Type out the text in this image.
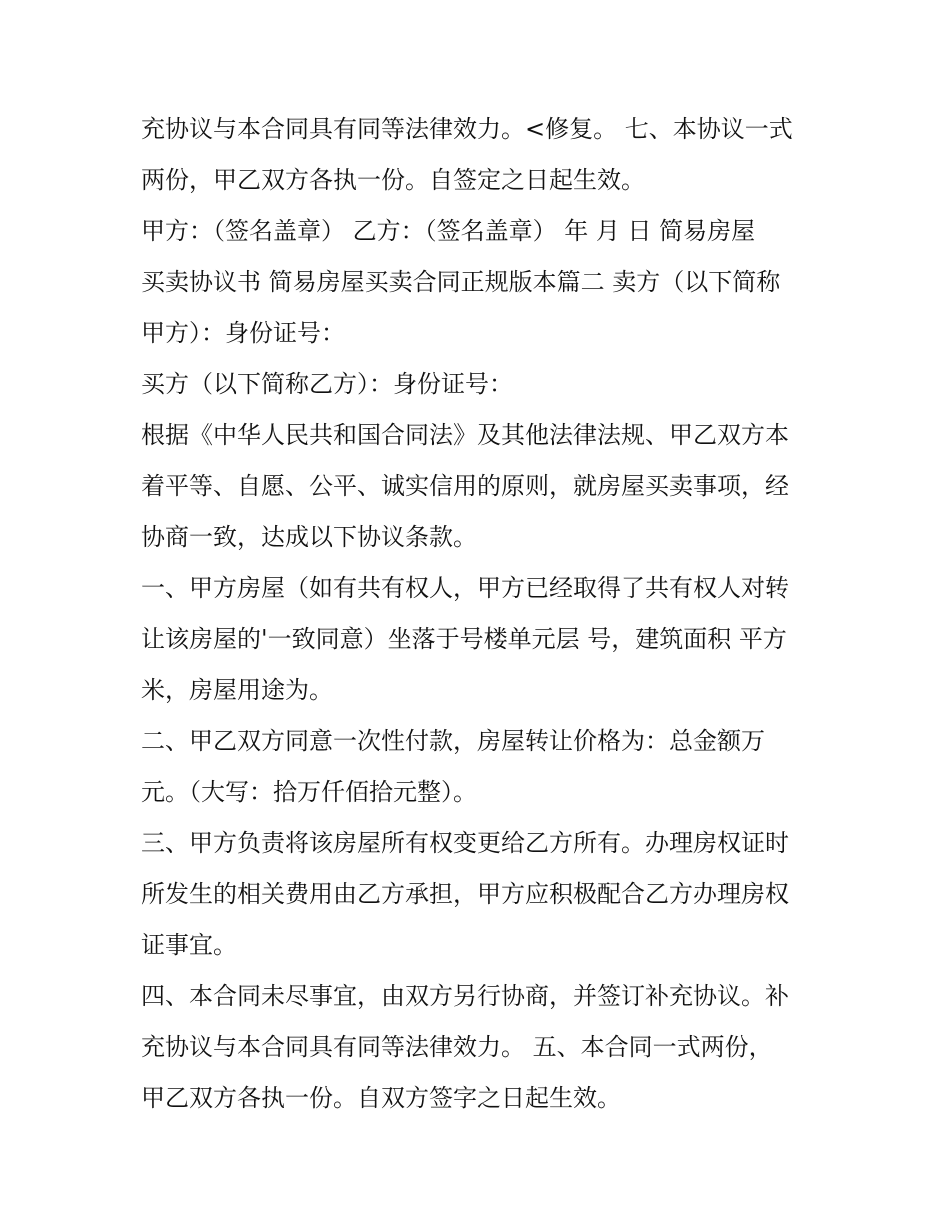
充协议与本合同具有同等法律效力。<修复。 七、本协议一式
两份，甲乙双方各执一份。自签定之日起生效。
甲方：（签名盖章） 乙方：（签名盖章） 年 月 日 简易房屋
买卖协议书 简易房屋买卖合同正规版本篇二 卖方（以下简称
甲方）：身份证号：
买方（以下简称乙方）：身份证号：
根据《中华人民共和国合同法》及其他法律法规、甲乙双方本
着平等、自愿、公平、诚实信用的原则，就房屋买卖事项，经
协商一致，达成以下协议条款。
一、甲方房屋（如有共有权人，甲方已经取得了共有权人对转
让该房屋的'一致同意）坐落于号楼单元层 号，建筑面积 平方
米，房屋用途为。
二、甲乙双方同意一次性付款，房屋转让价格为：总金额万
元。（大写：拾万仟佰拾元整）。
三、甲方负责将该房屋所有权变更给乙方所有。办理房权证时
所发生的相关费用由乙方承担，甲方应积极配合乙方办理房权
证事宜。
四、本合同未尽事宜，由双方另行协商，并签订补充协议。补
充协议与本合同具有同等法律效力。 五、本合同一式两份，
甲乙双方各执一份。自双方签字之日起生效。
